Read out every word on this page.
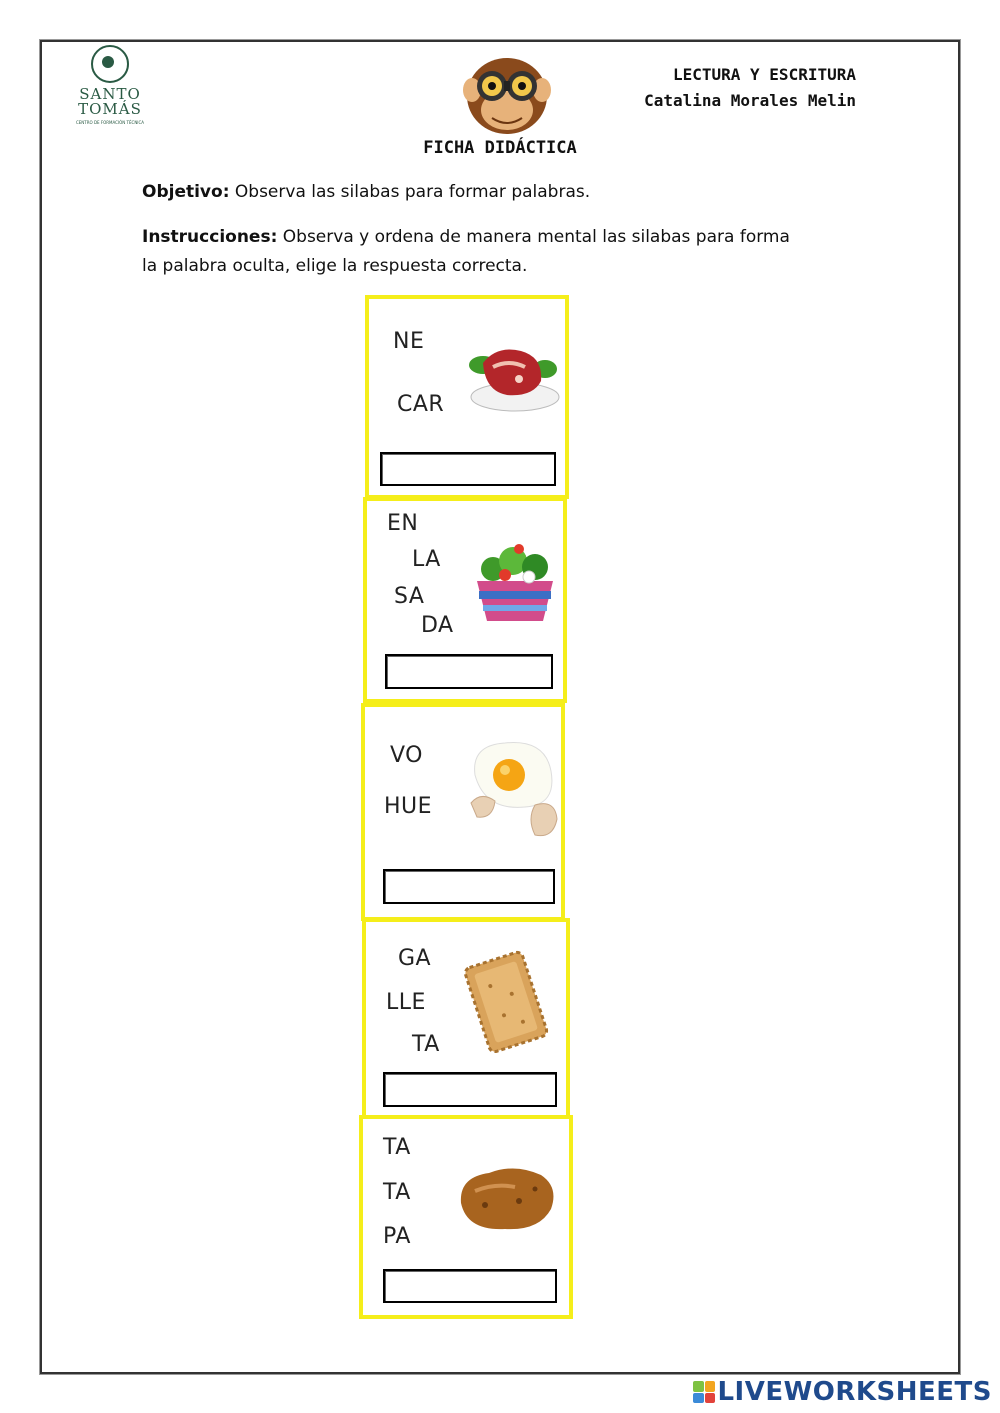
SANTO
TOMÁS
CENTRO DE FORMACIÓN TÉCNICA
LECTURA Y ESCRITURA
Catalina Morales Melin
FICHA DIDÁCTICA
Objetivo: Observa las silabas para formar palabras.
Instrucciones: Observa y ordena de manera mental las silabas para forma
la palabra oculta, elige la respuesta correcta.
NE
CAR
EN
LA
SA
DA
VO
HUE
GA
LLE
TA
TA
TA
PA
LIVEWORKSHEETS
